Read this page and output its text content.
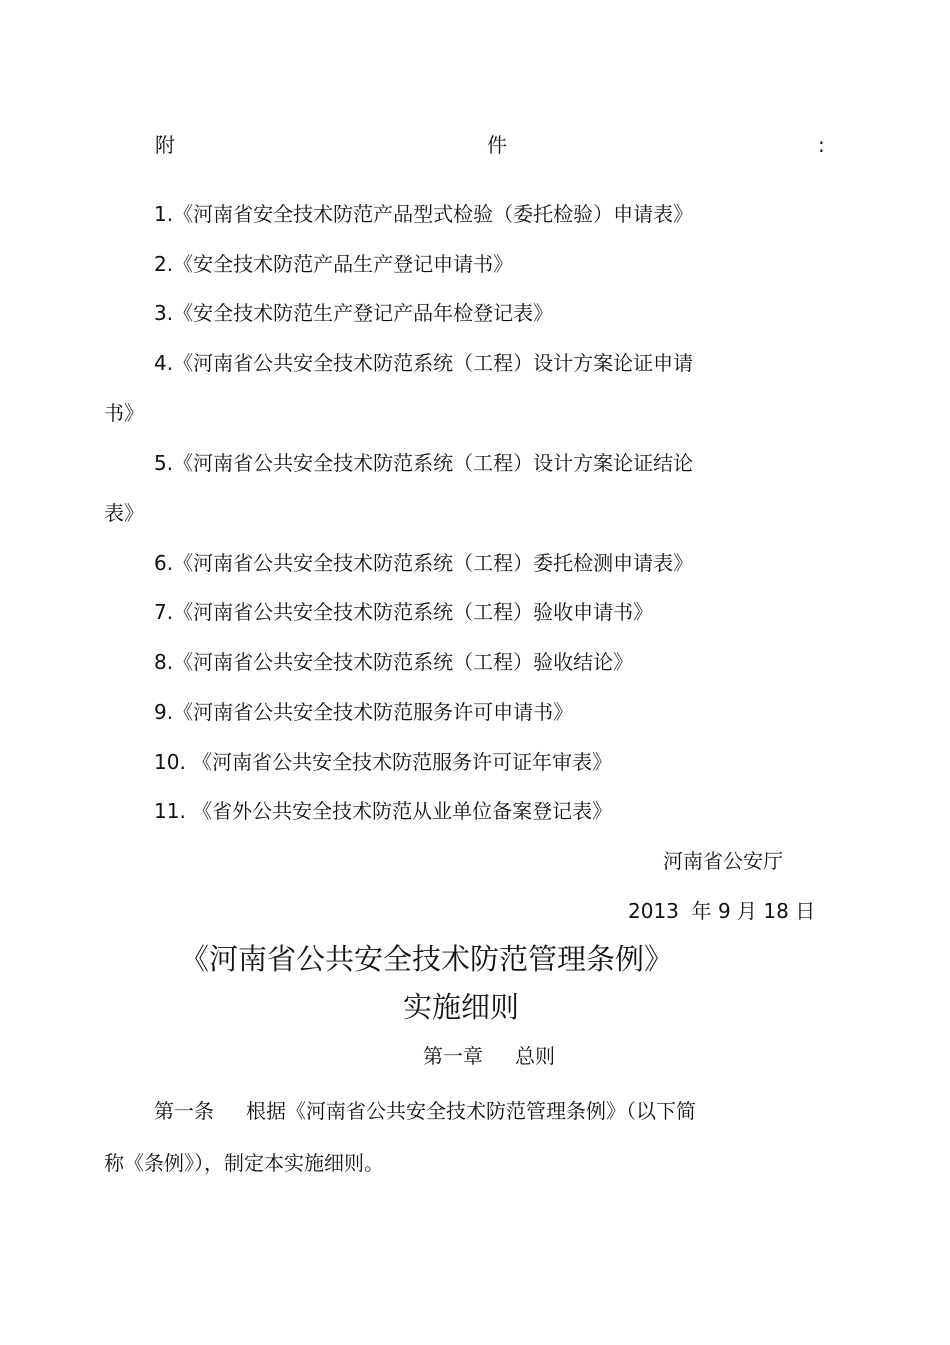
附	件	:
1.《河南省安全技术防范产品型式检验（委托检验）申请表》
2.《安全技术防范产品生产登记申请书》
3.《安全技术防范生产登记产品年检登记表》
4.《河南省公共安全技术防范系统（工程）设计方案论证申请
书》
5.《河南省公共安全技术防范系统（工程）设计方案论证结论
表》
6.《河南省公共安全技术防范系统（工程）委托检测申请表》
7.《河南省公共安全技术防范系统（工程）验收申请书》
8.《河南省公共安全技术防范系统（工程）验收结论》
9.《河南省公共安全技术防范服务许可申请书》
10. 《河南省公共安全技术防范服务许可证年审表》
11. 《省外公共安全技术防范从业单位备案登记表》
河南省公安厅
2013  年 9 月 18 日
《河南省公共安全技术防范管理条例》
实施细则
第一章 总则
第一条 根据《河南省公共安全技术防范管理条例》（以下简
称《条例》），制定本实施细则。
